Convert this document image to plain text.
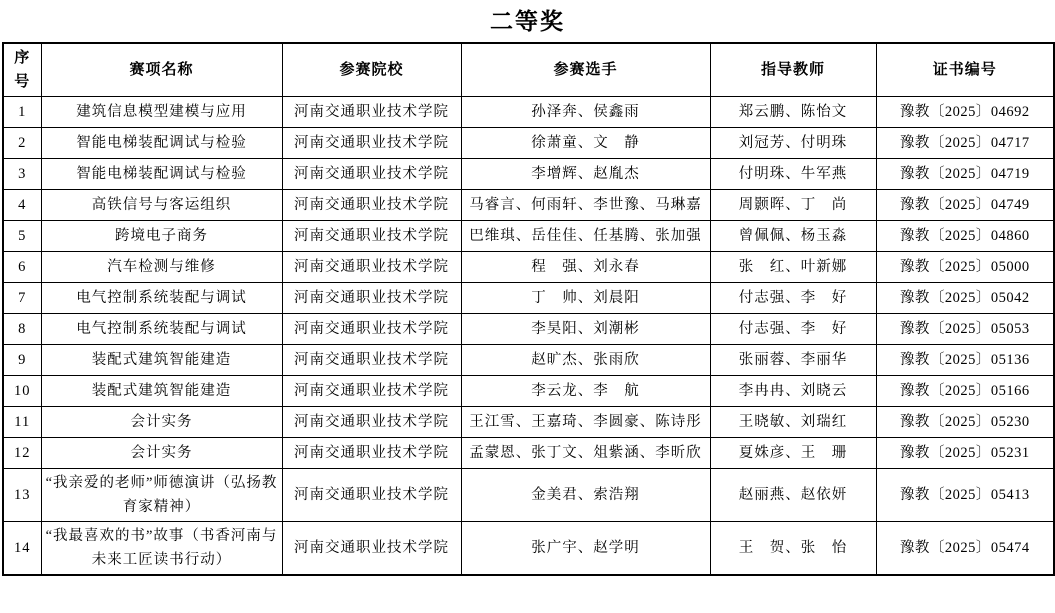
二等奖
序号	赛项名称	参赛院校	参赛选手	指导教师	证书编号
1	建筑信息模型建模与应用	河南交通职业技术学院	孙泽奔、侯鑫雨	郑云鹏、陈怡文	豫教〔2025〕04692
2	智能电梯装配调试与检验	河南交通职业技术学院	徐萧童、文　静	刘冠芳、付明珠	豫教〔2025〕04717
3	智能电梯装配调试与检验	河南交通职业技术学院	李增辉、赵胤杰	付明珠、牛军燕	豫教〔2025〕04719
4	高铁信号与客运组织	河南交通职业技术学院	马睿言、何雨轩、李世豫、马琳嘉	周颢晖、丁　尚	豫教〔2025〕04749
5	跨境电子商务	河南交通职业技术学院	巴维琪、岳佳佳、任基腾、张加强	曾佩佩、杨玉淼	豫教〔2025〕04860
6	汽车检测与维修	河南交通职业技术学院	程　强、刘永春	张　红、叶新娜	豫教〔2025〕05000
7	电气控制系统装配与调试	河南交通职业技术学院	丁　帅、刘晨阳	付志强、李　好	豫教〔2025〕05042
8	电气控制系统装配与调试	河南交通职业技术学院	李昊阳、刘潮彬	付志强、李　好	豫教〔2025〕05053
9	装配式建筑智能建造	河南交通职业技术学院	赵旷杰、张雨欣	张丽蓉、李丽华	豫教〔2025〕05136
10	装配式建筑智能建造	河南交通职业技术学院	李云龙、李　航	李冉冉、刘晓云	豫教〔2025〕05166
11	会计实务	河南交通职业技术学院	王江雪、王嘉琦、李圆豪、陈诗彤	王晓敏、刘瑞红	豫教〔2025〕05230
12	会计实务	河南交通职业技术学院	孟蒙恩、张丁文、俎紫涵、李昕欣	夏姝彦、王　珊	豫教〔2025〕05231
13	“我亲爱的老师”师德演讲（弘扬教育家精神）	河南交通职业技术学院	金美君、索浩翔	赵丽燕、赵依妍	豫教〔2025〕05413
14	“我最喜欢的书”故事（书香河南与未来工匠读书行动）	河南交通职业技术学院	张广宇、赵学明	王　贺、张　怡	豫教〔2025〕05474
